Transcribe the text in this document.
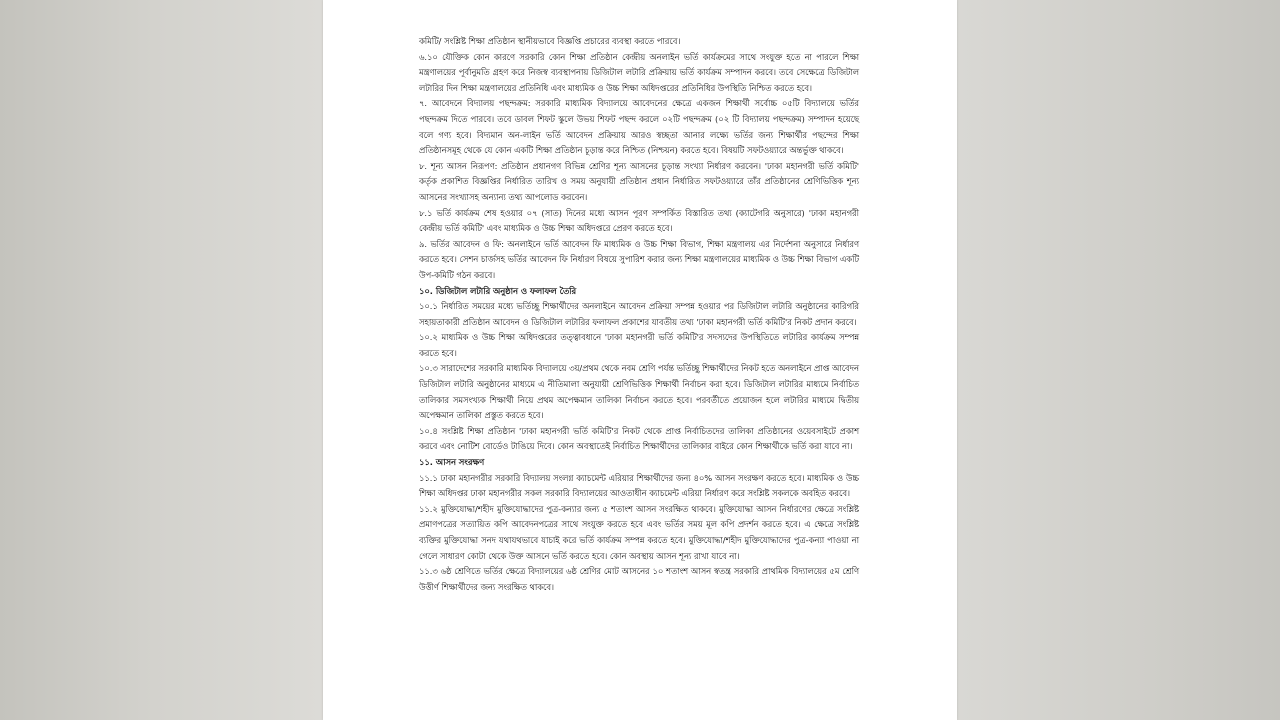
কমিটি/ সংশ্লিষ্ট শিক্ষা প্রতিষ্ঠান স্থানীয়ভাবে বিজ্ঞপ্তি প্রচারের ব্যবস্থা করতে পারবে।

৬.১০ যৌক্তিক কোন কারণে সরকারি কোন শিক্ষা প্রতিষ্ঠান কেন্দ্রীয় অনলাইন ভর্তি কার্যক্রমের সাথে সংযুক্ত হতে না পারলে শিক্ষা মন্ত্রণালয়ের পূর্বানুমতি গ্রহণ করে নিজস্ব ব্যবস্থাপনায় ডিজিটাল লটারি প্রক্রিয়ায় ভর্তি কার্যক্রম সম্পাদন করবে। তবে সেক্ষেত্রে ডিজিটাল লটারির দিন শিক্ষা মন্ত্রণালয়ের প্রতিনিধি এবং মাধ্যমিক ও উচ্চ শিক্ষা অধিদপ্তরের প্রতিনিধির উপস্থিতি নিশ্চিত করতে হবে।

৭. আবেদনে বিদ্যালয় পছন্দক্রম: সরকারি মাধ্যমিক বিদ্যালয়ে আবেদনের ক্ষেত্রে একজন শিক্ষার্থী সর্বোচ্চ ০৫টি বিদ্যালয়ে ভর্তির পছন্দক্রম দিতে পারবে। তবে ডাবল শিফট স্কুলে উভয় শিফট পছন্দ করলে ০২টি পছন্দক্রম (০২ টি বিদ্যালয় পছন্দক্রম) সম্পাদন হয়েছে বলে গণ্য হবে। বিদ্যমান অন-লাইন ভর্তি আবেদন প্রক্রিয়ায় আরও স্বচ্ছতা আনার লক্ষ্যে ভর্তির জন্য শিক্ষার্থীর পছন্দের শিক্ষা প্রতিষ্ঠানসমূহ থেকে যে কোন একটি শিক্ষা প্রতিষ্ঠান চূড়ান্ত করে নিশ্চিত (নিশ্চয়ন) করতে হবে। বিষয়টি সফটওয়্যারে অন্তর্ভুক্ত থাকবে।

৮. শূন্য আসন নিরূপণ: প্রতিষ্ঠান প্রধানগণ বিভিন্ন শ্রেণির শূন্য আসনের চূড়ান্ত সংখ্যা নির্ধারণ করবেন। 'ঢাকা মহানগরী ভর্তি কমিটি' কর্তৃক প্রকাশিত বিজ্ঞপ্তির নির্ধারিত তারিখ ও সময় অনুযায়ী প্রতিষ্ঠান প্রধান নির্ধারিত সফটওয়্যারে তাঁর প্রতিষ্ঠানের শ্রেণিভিত্তিক শূন্য আসনের সংখ্যাসহ অন্যান্য তথ্য আপলোড করবেন।

৮.১ ভর্তি কার্যক্রম শেষ হওয়ার ০৭ (সাত) দিনের মধ্যে আসন পূরণ সম্পর্কিত বিস্তারিত তথ্য (ক্যাটেগরি অনুসারে) 'ঢাকা মহানগরী কেন্দ্রীয় ভর্তি কমিটি' এবং মাধ্যমিক ও উচ্চ শিক্ষা অধিদপ্তরে প্রেরণ করতে হবে।

৯. ভর্তির আবেদন ও ফি: অনলাইনে ভর্তি আবেদন ফি মাধ্যমিক ও উচ্চ শিক্ষা বিভাগ, শিক্ষা মন্ত্রণালয় এর নির্দেশনা অনুসারে নির্ধারণ করতে হবে। সেশন চার্জসহ ভর্তির আবেদন ফি নির্ধারণ বিষয়ে সুপারিশ করার জন্য শিক্ষা মন্ত্রণালয়ের মাধ্যমিক ও উচ্চ শিক্ষা বিভাগ একটি উপ-কমিটি গঠন করবে।

১০. ডিজিটাল লটারি অনুষ্ঠান ও ফলাফল তৈরি

১০.১ নির্ধারিত সময়ের মধ্যে ভর্তিচ্ছু শিক্ষার্থীদের অনলাইনে আবেদন প্রক্রিয়া সম্পন্ন হওয়ার পর ডিজিটাল লটারি অনুষ্ঠানের কারিগরি সহায়তাকারী প্রতিষ্ঠান আবেদন ও ডিজিটাল লটারির ফলাফল প্রকাশের যাবতীয় তথ্য 'ঢাকা মহানগরী ভর্তি কমিটি'র নিকট প্রদান করবে।

১০.২ মাধ্যমিক ও উচ্চ শিক্ষা অধিদপ্তরের তত্ত্বাবধানে 'ঢাকা মহানগরী ভর্তি কমিটি'র সদস্যদের উপস্থিতিতে লটারির কার্যক্রম সম্পন্ন করতে হবে।

১০.৩ সারাদেশের সরকারি মাধ্যমিক বিদ্যালয়ে ৩য়/প্রথম থেকে নবম শ্রেণি পর্যন্ত ভর্তিচ্ছু শিক্ষার্থীদের নিকট হতে অনলাইনে প্রাপ্ত আবেদন ডিজিটাল লটারি অনুষ্ঠানের মাধ্যমে এ নীতিমালা অনুযায়ী শ্রেণিভিত্তিক শিক্ষার্থী নির্বাচন করা হবে। ডিজিটাল লটারির মাধ্যমে নির্বাচিত তালিকার সমসংখ্যক শিক্ষার্থী নিয়ে প্রথম অপেক্ষমান তালিকা নির্বাচন করতে হবে। পরবর্তীতে প্রয়োজন হলে লটারির মাধ্যমে দ্বিতীয় অপেক্ষমান তালিকা প্রস্তুত করতে হবে।

১০.৪ সংশ্লিষ্ট শিক্ষা প্রতিষ্ঠান 'ঢাকা মহানগরী ভর্তি কমিটি'র নিকট থেকে প্রাপ্ত নির্বাচিতদের তালিকা প্রতিষ্ঠানের ওয়েবসাইটে প্রকাশ করবে এবং নোটিশ বোর্ডেও টাঙিয়ে দিবে। কোন অবস্থাতেই নির্বাচিত শিক্ষার্থীদের তালিকার বাইরে কোন শিক্ষার্থীকে ভর্তি করা যাবে না।

১১. আসন সংরক্ষণ

১১.১ ঢাকা মহানগরীর সরকারি বিদ্যালয় সংলগ্ন ক্যাচমেন্ট এরিয়ার শিক্ষার্থীদের জন্য ৪০% আসন সংরক্ষণ করতে হবে। মাধ্যমিক ও উচ্চ শিক্ষা অধিদপ্তর ঢাকা মহানগরীর সকল সরকারি বিদ্যালয়ের আওতাধীন ক্যাচমেন্ট এরিয়া নির্ধারণ করে সংশ্লিষ্ট সকলকে অবহিত করবে।

১১.২ মুক্তিযোদ্ধা/শহীদ মুক্তিযোদ্ধাদের পুত্র-কন্যার জন্য ৫ শতাংশ আসন সংরক্ষিত থাকবে। মুক্তিযোদ্ধা আসন নির্ধারণের ক্ষেত্রে সংশ্লিষ্ট প্রমাণপত্রের সত্যায়িত কপি আবেদনপত্রের সাথে সংযুক্ত করতে হবে এবং ভর্তির সময় মূল কপি প্রদর্শন করতে হবে। এ ক্ষেত্রে সংশ্লিষ্ট ব্যক্তির মুক্তিযোদ্ধা সনদ যথাযথভাবে যাচাই করে ভর্তি কার্যক্রম সম্পন্ন করতে হবে। মুক্তিযোদ্ধা/শহীদ মুক্তিযোদ্ধাদের পুত্র-কন্যা পাওয়া না গেলে সাধারণ কোটা থেকে উক্ত আসনে ভর্তি করতে হবে। কোন অবস্থায় আসন শূন্য রাখা যাবে না।

১১.৩ ৬ষ্ঠ শ্রেণিতে ভর্তির ক্ষেত্রে বিদ্যালয়ের ৬ষ্ঠ শ্রেণির মোট আসনের ১০ শতাংশ আসন স্বতন্ত্র সরকারি প্রাথমিক বিদ্যালয়ের ৫ম শ্রেণি উত্তীর্ণ শিক্ষার্থীদের জন্য সংরক্ষিত থাকবে।
